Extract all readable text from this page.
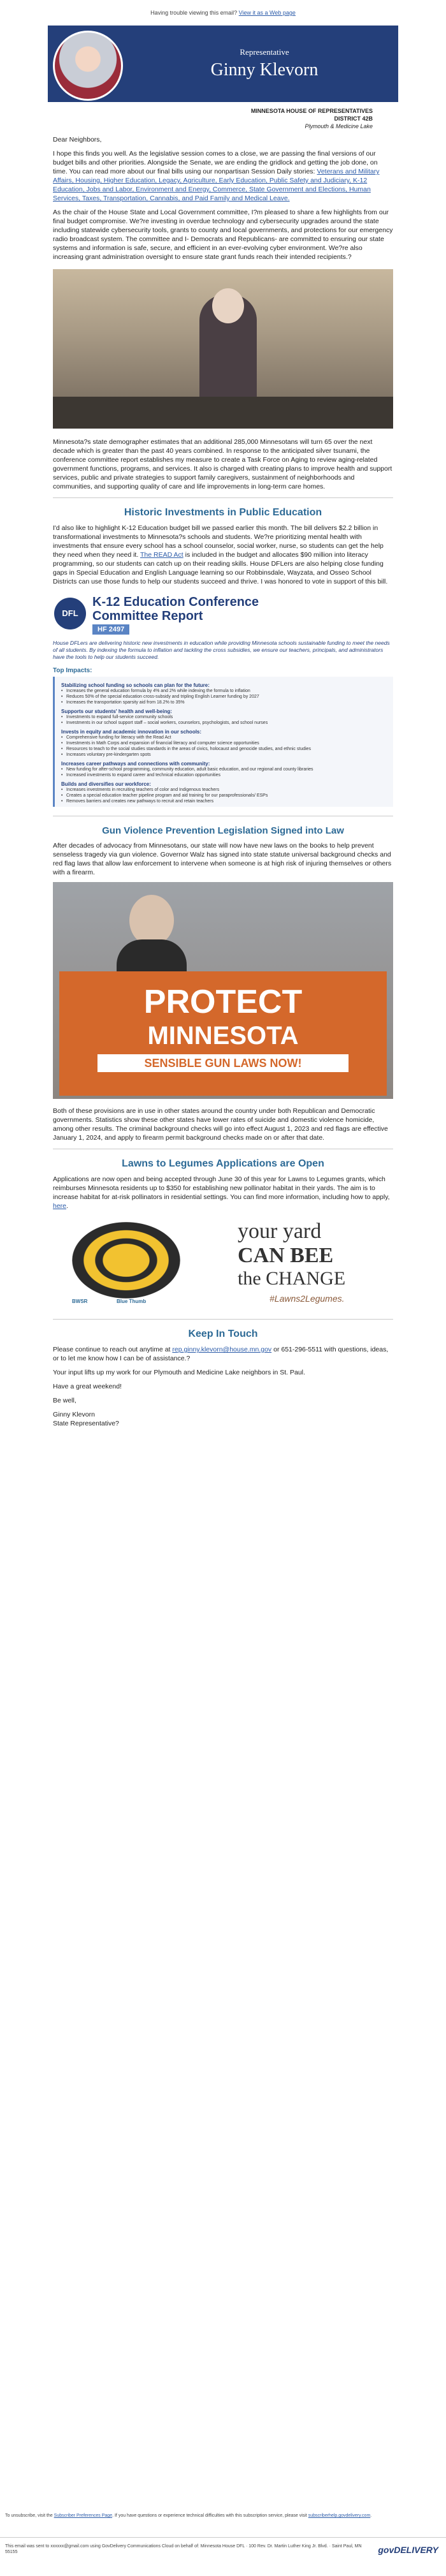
Having trouble viewing this email? View it as a Web page
Representative
Ginny Klevorn
MINNESOTA HOUSE OF REPRESENTATIVES
DISTRICT 42B
Plymouth & Medicine Lake

Dear Neighbors,

I hope this finds you well. As the legislative session comes to a close, we are passing the final versions of our budget bills and other priorities. Alongside the Senate, we are ending the gridlock and getting the job done, on time. You can read more about our final bills using our nonpartisan Session Daily stories: Veterans and Military Affairs, Housing, Higher Education, Legacy, Agriculture, Early Education, Public Safety and Judiciary, K-12 Education, Jobs and Labor, Environment and Energy, Commerce, State Government and Elections, Human Services, Taxes, Transportation, Cannabis, and Paid Family and Medical Leave.

As the chair of the House State and Local Government committee, I?m pleased to share a few highlights from our final budget compromise. We?re investing in overdue technology and cybersecurity upgrades around the state including statewide cybersecurity tools, grants to county and local governments, and protections for our emergency radio broadcast system. The committee and I- Democrats and Republicans- are committed to ensuring our state systems and information is safe, secure, and efficient in an ever-evolving cyber environment. We?re also increasing grant administration oversight to ensure state grant funds reach their intended recipients.?

Minnesota?s state demographer estimates that an additional 285,000 Minnesotans will turn 65 over the next decade which is greater than the past 40 years combined. In response to the anticipated silver tsunami, the conference committee report establishes my measure to create a Task Force on Aging to review aging-related government functions, programs, and services. It also is charged with creating plans to improve health and support services, public and private strategies to support family caregivers, sustainment of neighborhoods and communities, and supporting quality of care and life improvements in long-term care homes.

Historic Investments in Public Education

I'd also like to highlight K-12 Education budget bill we passed earlier this month. The bill delivers $2.2 billion in transformational investments to Minnesota?s schools and students. We?re prioritizing mental health with investments that ensure every school has a school counselor, social worker, nurse, so students can get the help they need when they need it. The READ Act is included in the budget and allocates $90 million into literacy programming, so our students can catch up on their reading skills. House DFLers are also helping close funding gaps in Special Education and English Language learning so our Robbinsdale, Wayzata, and Osseo School Districts can use those funds to help our students succeed and thrive. I was honored to vote in support of this bill.

DFL
K-12 Education Conference
Committee Report
HF 2497
House DFLers are delivering historic new investments in education while providing Minnesota schools sustainable funding to meet the needs of all students. By indexing the formula to inflation and tackling the cross subsidies, we ensure our teachers, principals, and administrators have the tools to help our students succeed.
Top Impacts:
Stabilizing school funding so schools can plan for the future:
• Increases the general education formula by 4% and 2% while indexing the formula to inflation
• Reduces 50% of the special education cross-subsidy and tripling English Learner funding by 2027
• Increases the transportation sparsity aid from 18.2% to 35%
Supports our students' health and well-being:
• Investments to expand full-service community schools
• Investments in our school support staff – social workers, counselors, psychologists, and school nurses
Invests in equity and academic innovation in our schools:
• Comprehensive funding for literacy with the Read Act
• Investments in Math Corps and expansion of financial literacy and computer science opportunities
• Resources to teach to the social studies standards in the areas of civics, holocaust and genocide studies, and ethnic studies
• Increases voluntary pre-kindergarten spots
Increases career pathways and connections with community:
• New funding for after-school programming, community education, adult basic education, and our regional and county libraries
• Increased investments to expand career and technical education opportunities
Builds and diversifies our workforce:
• Increases investments in recruiting teachers of color and Indigenous teachers
• Creates a special education teacher pipeline program and aid training for our paraprofessionals/ ESPs
• Removes barriers and creates new pathways to recruit and retain teachers
Gun Violence Prevention Legislation Signed into Law

After decades of advocacy from Minnesotans, our state will now have new laws on the books to help prevent senseless tragedy via gun violence. Governor Walz has signed into state statute universal background checks and red flag laws that allow law enforcement to intervene when someone is at high risk of injuring themselves or others with a firearm.

PROTECT
MINNESOTA
SENSIBLE GUN LAWS NOW!

Both of these provisions are in use in other states around the country under both Republican and Democratic governments. Statistics show these other states have lower rates of suicide and domestic violence homicide, among other results. The criminal background checks will go into effect August 1, 2023 and red flags are effective January 1, 2024, and apply to firearm permit background checks made on or after that date.

Lawns to Legumes Applications are Open

Applications are now open and being accepted through June 30 of this year for Lawns to Legumes grants, which reimburses Minnesota residents up to $350 for establishing new pollinator habitat in their yards. The aim is to increase habitat for at-risk pollinators in residential settings. You can find more information, including how to apply, here.

BWSR	Blue Thumb
your yard
CAN BEE
the CHANGE
#Lawns2Legumes.
Keep In Touch

Please continue to reach out anytime at rep.ginny.klevorn@house.mn.gov or 651-296-5511 with questions, ideas, or to let me know how I can be of assistance.?

Your input lifts up my work for our Plymouth and Medicine Lake neighbors in St. Paul.

Have a great weekend!

Be well,

Ginny Klevorn

State Representative?

To unsubscribe, visit the Subscriber Preferences Page. If you have questions or experience technical difficulties with this subscription service, please visit subscriberhelp.govdelivery.com.
This email was sent to xxxxxx@gmail.com using GovDelivery Communications Cloud on behalf of: Minnesota House DFL · 100 Rev. Dr. Martin Luther King Jr. Blvd. · Saint Paul, MN 55155	govDELIVERY
